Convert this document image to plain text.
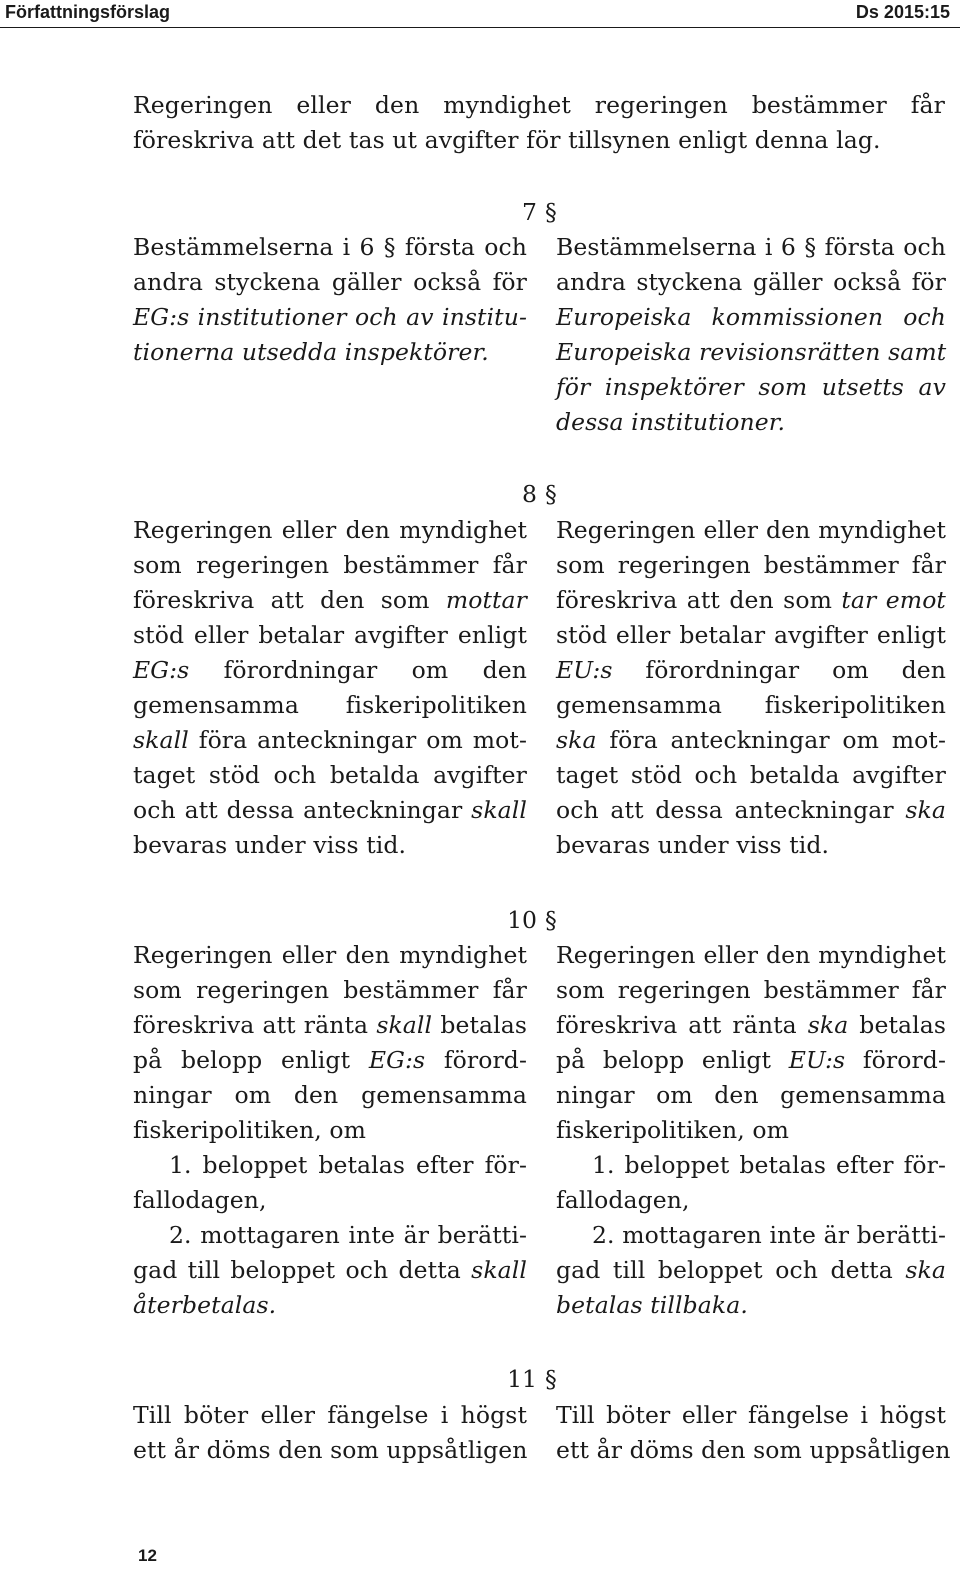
Författningsförslag	Ds 2015:15
Regeringen eller den myndighet regeringen bestämmer får
föreskriva att det tas ut avgifter för tillsynen enligt denna lag.
7 §
Bestämmelserna i 6 § första och
andra styckena gäller också för
EG:s institutioner och av institu-
tionerna utsedda inspektörer.
Bestämmelserna i 6 § första och
andra styckena gäller också för
Europeiska kommissionen och
Europeiska revisionsrätten samt
för inspektörer som utsetts av
dessa institutioner.
8 §
Regeringen eller den myndighet
som regeringen bestämmer får
föreskriva att den som mottar
stöd eller betalar avgifter enligt
EG:s förordningar om den
gemensamma fiskeripolitiken
skall föra anteckningar om mot-
taget stöd och betalda avgifter
och att dessa anteckningar skall
bevaras under viss tid.
Regeringen eller den myndighet
som regeringen bestämmer får
föreskriva att den som tar emot
stöd eller betalar avgifter enligt
EU:s förordningar om den
gemensamma fiskeripolitiken
ska föra anteckningar om mot-
taget stöd och betalda avgifter
och att dessa anteckningar ska
bevaras under viss tid.
10 §
Regeringen eller den myndighet
som regeringen bestämmer får
föreskriva att ränta skall betalas
på belopp enligt EG:s förord-
ningar om den gemensamma
fiskeripolitiken, om
1. beloppet betalas efter för-
fallodagen,
2. mottagaren inte är berätti-
gad till beloppet och detta skall
återbetalas.
Regeringen eller den myndighet
som regeringen bestämmer får
föreskriva att ränta ska betalas
på belopp enligt EU:s förord-
ningar om den gemensamma
fiskeripolitiken, om
1. beloppet betalas efter för-
fallodagen,
2. mottagaren inte är berätti-
gad till beloppet och detta ska
betalas tillbaka.
11 §
Till böter eller fängelse i högst
ett år döms den som uppsåtligen
Till böter eller fängelse i högst
ett år döms den som uppsåtligen
12
